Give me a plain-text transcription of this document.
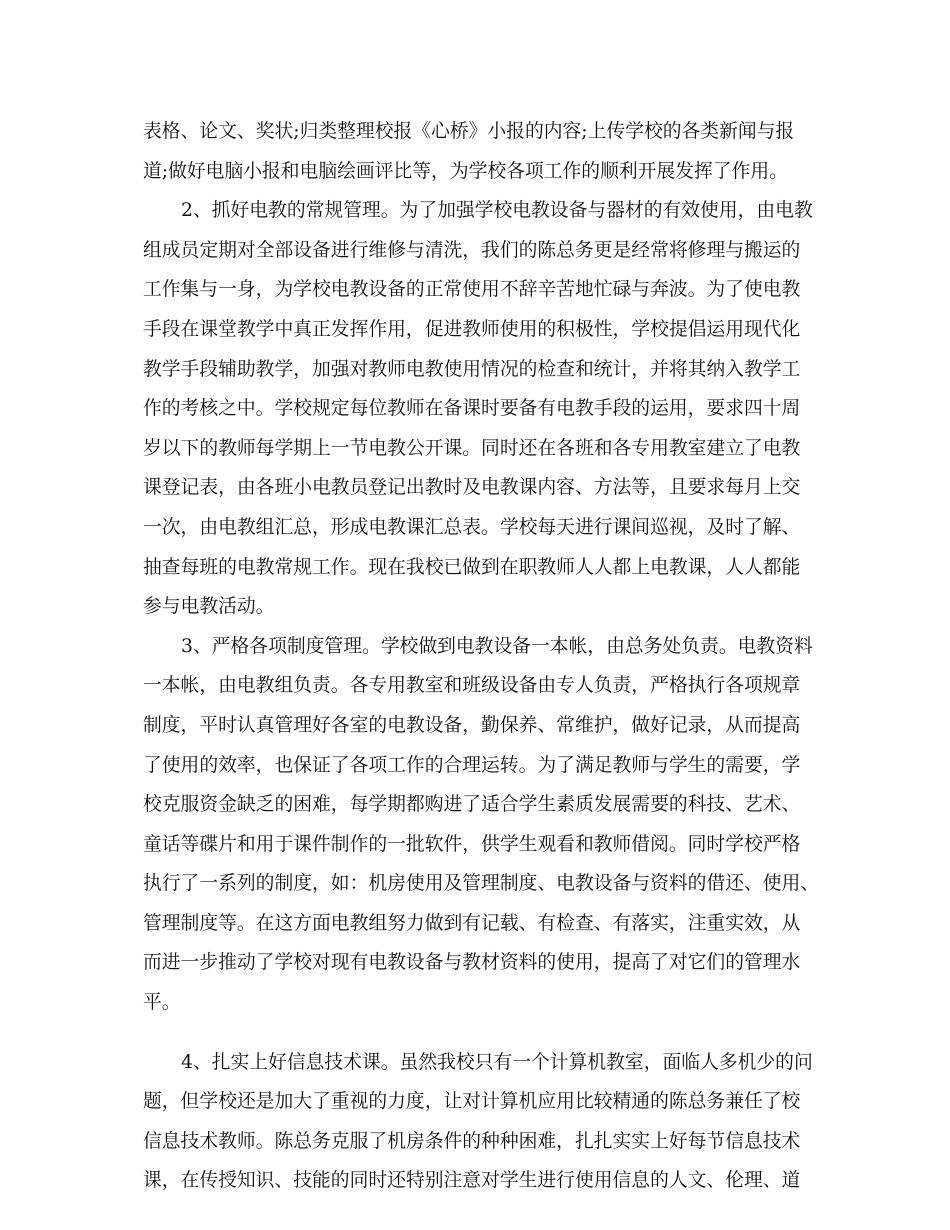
表格、论文、奖状;归类整理校报《心桥》小报的内容;上传学校的各类新闻与报
道;做好电脑小报和电脑绘画评比等，为学校各项工作的顺利开展发挥了作用。
2、抓好电教的常规管理。为了加强学校电教设备与器材的有效使用，由电教
组成员定期对全部设备进行维修与清洗，我们的陈总务更是经常将修理与搬运的
工作集与一身，为学校电教设备的正常使用不辞辛苦地忙碌与奔波。为了使电教
手段在课堂教学中真正发挥作用，促进教师使用的积极性，学校提倡运用现代化
教学手段辅助教学，加强对教师电教使用情况的检查和统计，并将其纳入教学工
作的考核之中。学校规定每位教师在备课时要备有电教手段的运用，要求四十周
岁以下的教师每学期上一节电教公开课。同时还在各班和各专用教室建立了电教
课登记表，由各班小电教员登记出教时及电教课内容、方法等，且要求每月上交
一次，由电教组汇总，形成电教课汇总表。学校每天进行课间巡视，及时了解、
抽查每班的电教常规工作。现在我校已做到在职教师人人都上电教课，人人都能
参与电教活动。
3、严格各项制度管理。学校做到电教设备一本帐，由总务处负责。电教资料
一本帐，由电教组负责。各专用教室和班级设备由专人负责，严格执行各项规章
制度，平时认真管理好各室的电教设备，勤保养、常维护，做好记录，从而提高
了使用的效率，也保证了各项工作的合理运转。为了满足教师与学生的需要，学
校克服资金缺乏的困难，每学期都购进了适合学生素质发展需要的科技、艺术、
童话等碟片和用于课件制作的一批软件，供学生观看和教师借阅。同时学校严格
执行了一系列的制度，如：机房使用及管理制度、电教设备与资料的借还、使用、
管理制度等。在这方面电教组努力做到有记载、有检查、有落实，注重实效，从
而进一步推动了学校对现有电教设备与教材资料的使用，提高了对它们的管理水
平。
4、扎实上好信息技术课。虽然我校只有一个计算机教室，面临人多机少的问
题，但学校还是加大了重视的力度，让对计算机应用比较精通的陈总务兼任了校
信息技术教师。陈总务克服了机房条件的种种困难，扎扎实实上好每节信息技术
课，在传授知识、技能的同时还特别注意对学生进行使用信息的人文、伦理、道
